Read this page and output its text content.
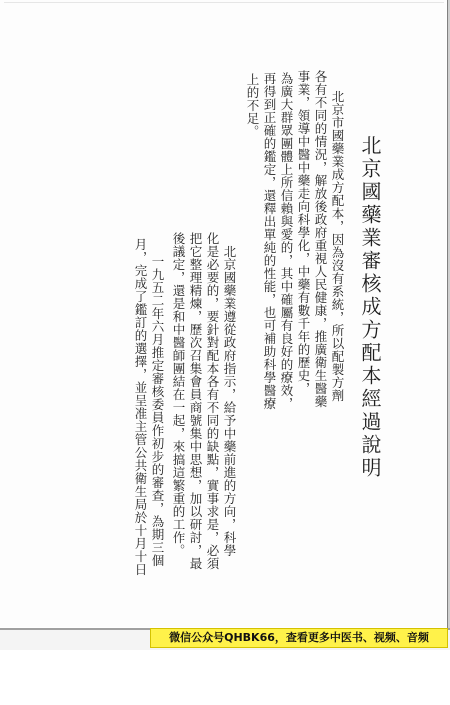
北京國藥業審核成方配本經過說明
北京市國藥業成方配本，因為沒有系統，所以配製方劑
各有不同的情況，解放後政府重視人民健康，推廣衛生醫藥
事業，領導中醫中藥走向科學化，中藥有數千年的歷史，
為廣大群眾團體上所信賴與愛的，其中確屬有良好的療效，
再得到正確的鑑定，還釋出單純的性能，也可補助科學醫療
上的不足。
北京國藥業遵從政府指示，給予中藥前進的方向，科學
化是必要的，要針對配本各有不同的缺點，實事求是，必須
把它整理精煉，歷次召集會員商號集中思想，加以研討，最
後議定，還是和中醫師團結在一起，來搞這繁重的工作。
一九五二年六月推定審核委員作初步的審查，為期三個
月，完成了鑑訂的選擇，並呈准主管公共衛生局於十月十日
微信公众号QHBK66，查看更多中医书、视频、音频
